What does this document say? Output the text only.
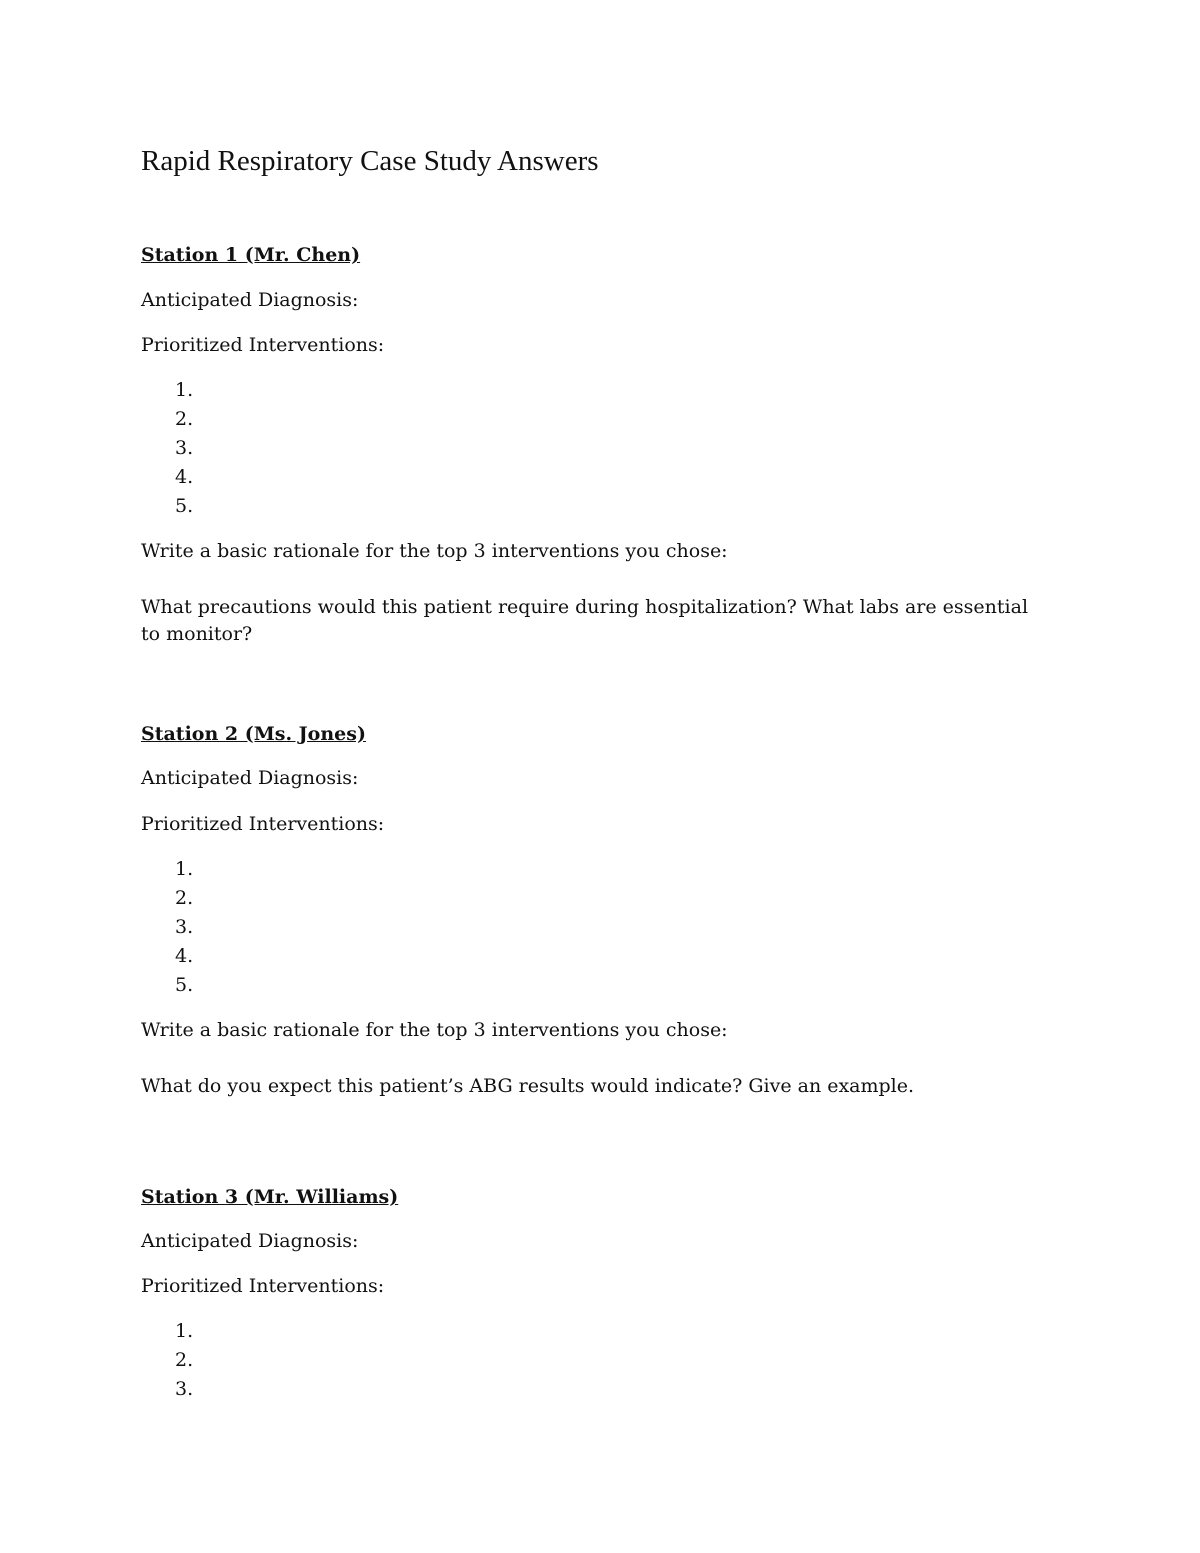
Rapid Respiratory Case Study Answers
Station 1 (Mr. Chen)
Anticipated Diagnosis:
Prioritized Interventions:
1.
2.
3.
4.
5.
Write a basic rationale for the top 3 interventions you chose:
What precautions would this patient require during hospitalization? What labs are essential to monitor?
Station 2 (Ms. Jones)
Anticipated Diagnosis:
Prioritized Interventions:
1.
2.
3.
4.
5.
Write a basic rationale for the top 3 interventions you chose:
What do you expect this patient’s ABG results would indicate? Give an example.
Station 3 (Mr. Williams)
Anticipated Diagnosis:
Prioritized Interventions:
1.
2.
3.
